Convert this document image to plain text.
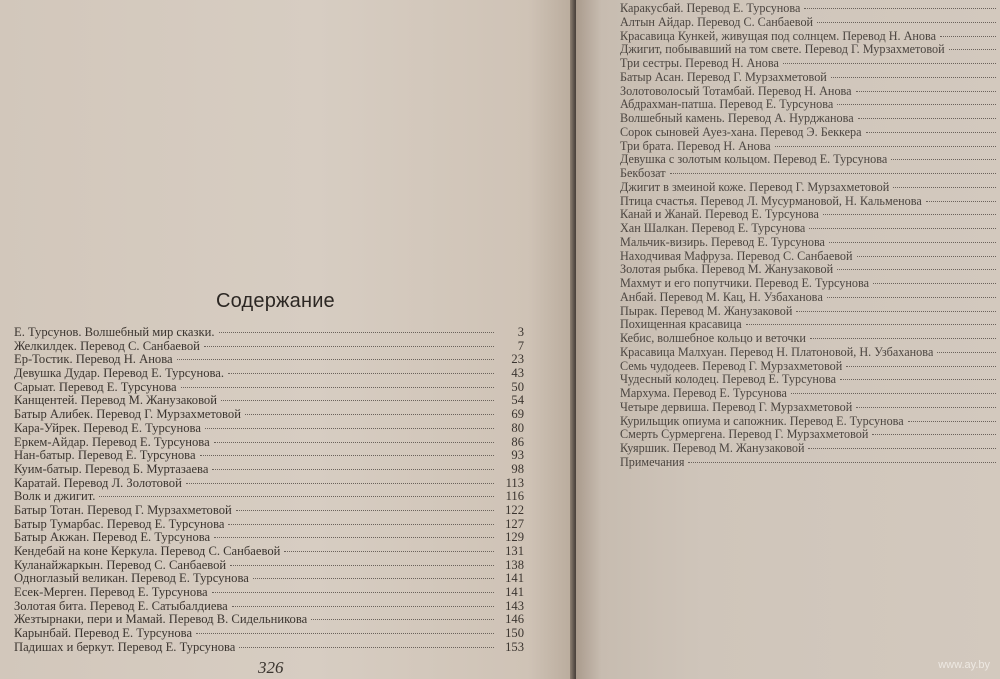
Содержание
Е. Турсунов. Волшебный мир сказки.	3
Желкилдек. Перевод С. Санбаевой	7
Ер-Тостик. Перевод Н. Анова	23
Девушка Дудар. Перевод Е. Турсунова.	43
Сарыат. Перевод Е. Турсунова	50
Канщентей. Перевод М. Жанузаковой	54
Батыр Алибек. Перевод Г. Мурзахметовой	69
Кара-Уйрек. Перевод Е. Турсунова	80
Еркем-Айдар. Перевод Е. Турсунова	86
Нан-батыр. Перевод Е. Турсунова	93
Куим-батыр. Перевод Б. Муртазаева	98
Каратай. Перевод Л. Золотовой	113
Волк и джигит.	116
Батыр Тотан. Перевод Г. Мурзахметовой	122
Батыр Тумарбас. Перевод Е. Турсунова	127
Батыр Акжан. Перевод Е. Турсунова	129
Кендебай на коне Керкула. Перевод С. Санбаевой	131
Куланайжаркын. Перевод С. Санбаевой	138
Одноглазый великан. Перевод Е. Турсунова	141
Есек-Мерген. Перевод Е. Турсунова	141
Золотая бита. Перевод Е. Сатыбалдиева	143
Жезтырнаки, пери и Мамай. Перевод В. Сидельникова	146
Карынбай. Перевод Е. Турсунова	150
Падишах и беркут. Перевод Е. Турсунова	153
326
Каракусбай. Перевод Е. Турсунова
Алтын Айдар. Перевод С. Санбаевой
Красавица Кункей, живущая под солнцем. Перевод Н. Анова
Джигит, побывавший на том свете. Перевод Г. Мурзахметовой
Три сестры. Перевод Н. Анова
Батыр Асан. Перевод Г. Мурзахметовой
Золотоволосый Тотамбай. Перевод Н. Анова
Абдрахман-патша. Перевод Е. Турсунова
Волшебный камень. Перевод А. Нурджанова
Сорок сыновей Ауез-хана. Перевод Э. Беккера
Три брата. Перевод Н. Анова
Девушка с золотым кольцом. Перевод Е. Турсунова
Бекбозат
Джигит в змеиной коже. Перевод Г. Мурзахметовой
Птица счастья. Перевод Л. Мусурмановой, Н. Кальменова
Канай и Жанай. Перевод Е. Турсунова
Хан Шалкан. Перевод Е. Турсунова
Мальчик-визирь. Перевод Е. Турсунова
Находчивая Мафруза. Перевод С. Санбаевой
Золотая рыбка. Перевод М. Жанузаковой
Махмут и его попутчики. Перевод Е. Турсунова
Анбай. Перевод М. Кац, Н. Узбахановa
Пырак. Перевод М. Жанузаковой
Похищенная красавица
Кебис, волшебное кольцо и веточки
Красавица Малхуан. Перевод Н. Платоновой, Н. Узбахановa
Семь чудодеев. Перевод Г. Мурзахметовой
Чудесный колодец. Перевод Е. Турсунова
Мархума. Перевод Е. Турсунова
Четыре дервиша. Перевод Г. Мурзахметовой
Курильщик опиума и сапожник. Перевод Е. Турсунова
Смерть Сурмергена. Перевод Г. Мурзахметовой
Куяршик. Перевод М. Жанузаковой
Примечания
www.ay.by
